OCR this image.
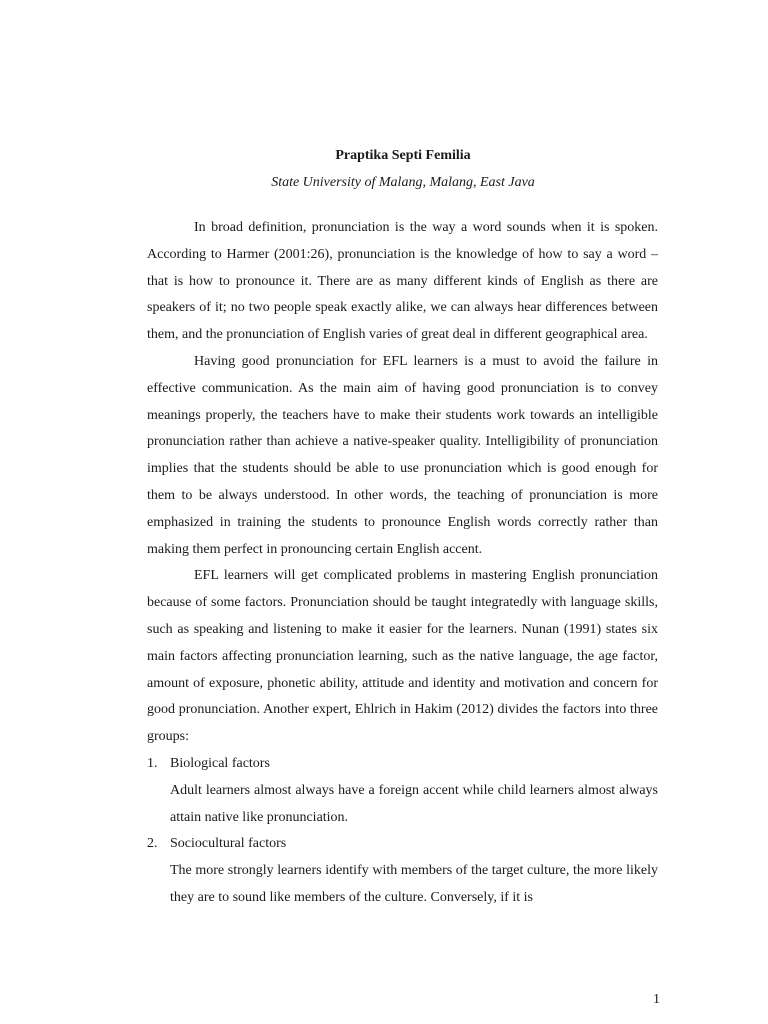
Praptika Septi Femilia
State University of Malang, Malang, East Java

In broad definition, pronunciation is the way a word sounds when it is spoken. According to Harmer (2001:26), pronunciation is the knowledge of how to say a word – that is how to pronounce it. There are as many different kinds of English as there are speakers of it; no two people speak exactly alike, we can always hear differences between them, and the pronunciation of English varies of great deal in different geographical area.

Having good pronunciation for EFL learners is a must to avoid the failure in effective communication. As the main aim of having good pronunciation is to convey meanings properly, the teachers have to make their students work towards an intelligible pronunciation rather than achieve a native-speaker quality. Intelligibility of pronunciation implies that the students should be able to use pronunciation which is good enough for them to be always understood. In other words, the teaching of pronunciation is more emphasized in training the students to pronounce English words correctly rather than making them perfect in pronouncing certain English accent.

EFL learners will get complicated problems in mastering English pronunciation because of some factors. Pronunciation should be taught integratedly with language skills, such as speaking and listening to make it easier for the learners. Nunan (1991) states six main factors affecting pronunciation learning, such as the native language, the age factor, amount of exposure, phonetic ability, attitude and identity and motivation and concern for good pronunciation. Another expert, Ehlrich in Hakim (2012) divides the factors into three groups:

1. Biological factors
Adult learners almost always have a foreign accent while child learners almost always attain native like pronunciation.
2. Sociocultural factors
The more strongly learners identify with members of the target culture, the more likely they are to sound like members of the culture. Conversely, if it is
1
